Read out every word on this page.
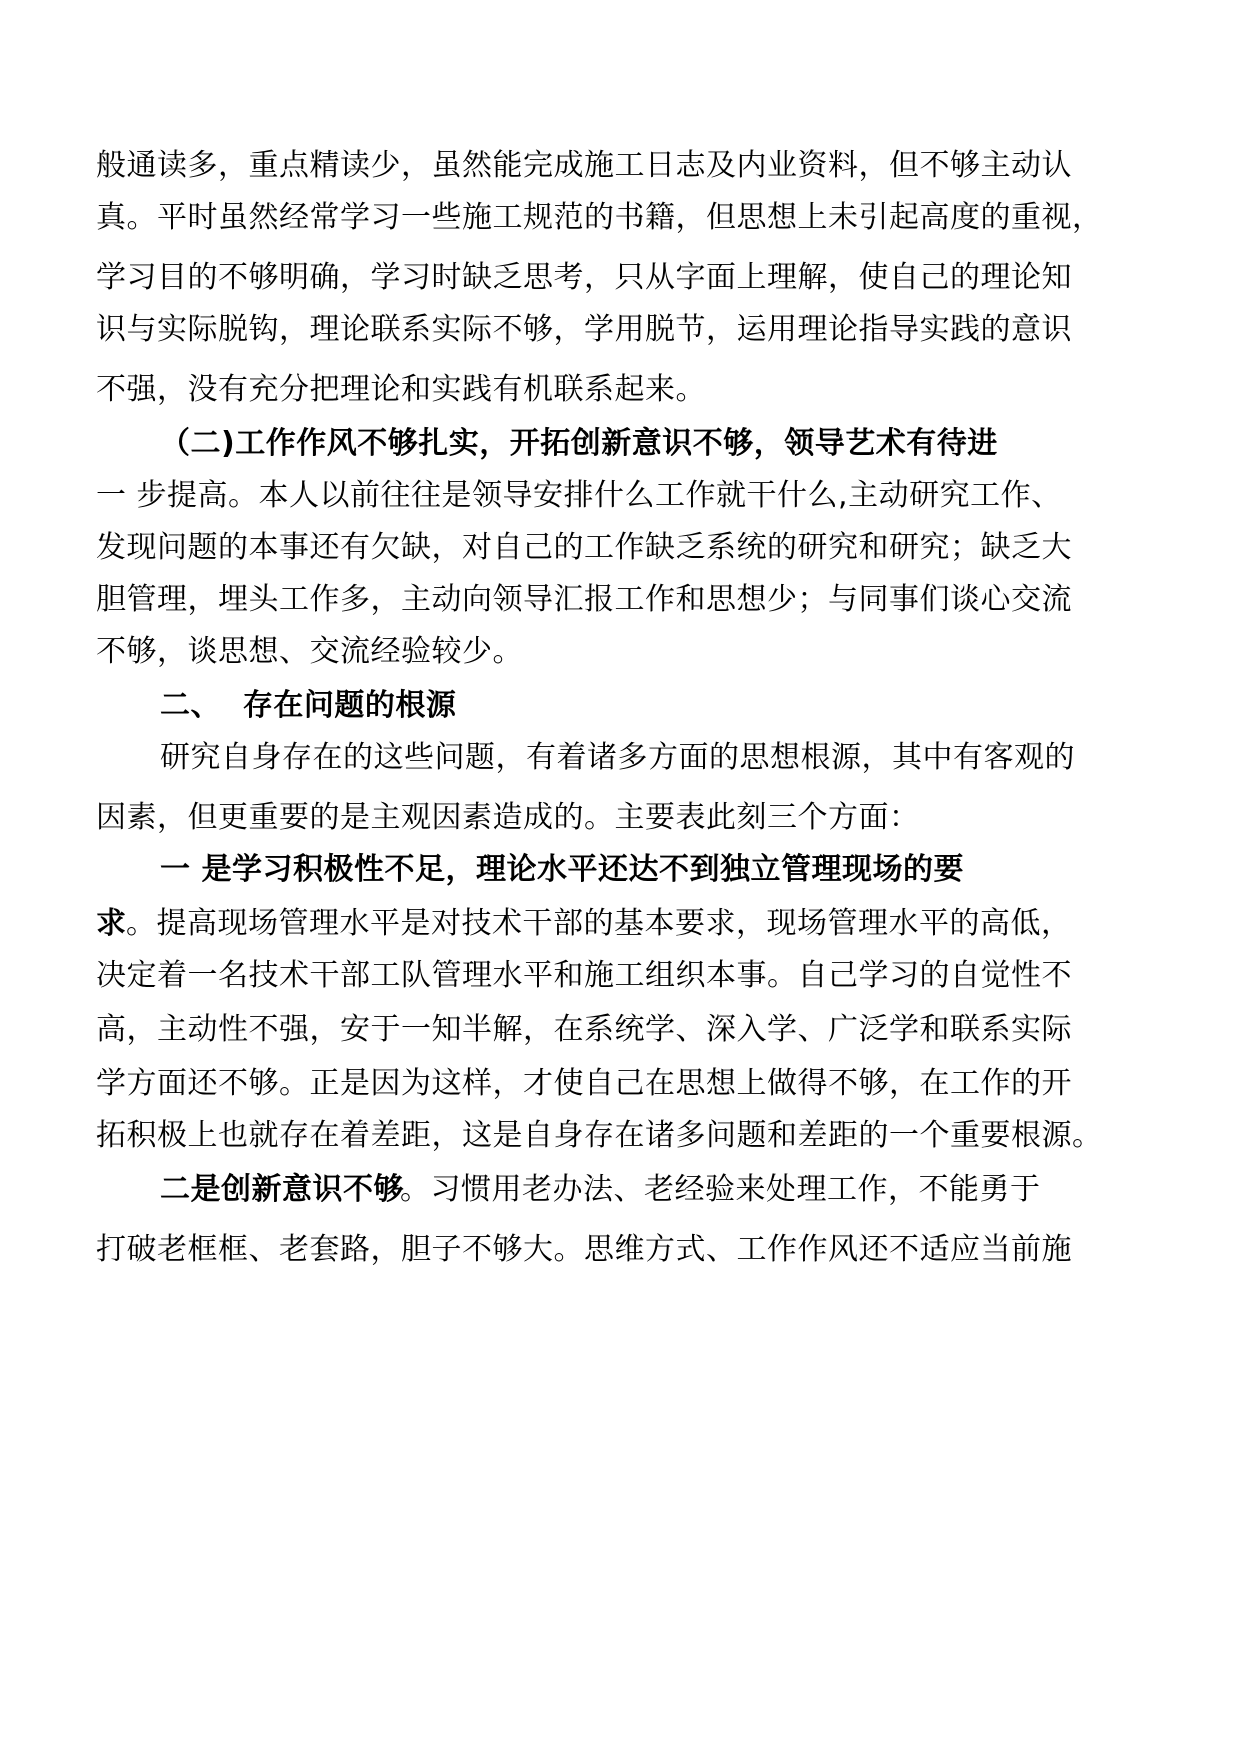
般通读多，重点精读少，虽然能完成施工日志及内业资料，但不够主动认
真。平时虽然经常学习一些施工规范的书籍，但思想上未引起高度的重视，
学习目的不够明确，学习时缺乏思考，只从字面上理解，使自己的理论知
识与实际脱钩，理论联系实际不够，学用脱节，运用理论指导实践的意识
不强，没有充分把理论和实践有机联系起来。
（二)工作作风不够扎实，开拓创新意识不够，领导艺术有待进
一 步提高。本人以前往往是领导安排什么工作就干什么,主动研究工作、
发现问题的本事还有欠缺，对自己的工作缺乏系统的研究和研究；缺乏大
胆管理，埋头工作多，主动向领导汇报工作和思想少；与同事们谈心交流
不够，谈思想、交流经验较少。
二、  存在问题的根源
研究自身存在的这些问题，有着诸多方面的思想根源，其中有客观的
因素，但更重要的是主观因素造成的。主要表此刻三个方面：
一 是学习积极性不足，理论水平还达不到独立管理现场的要
求 。提高现场管理水平是对技术干部的基本要求，现场管理水平的高低，
决定着一名技术干部工队管理水平和施工组织本事。自己学习的自觉性不
高，主动性不强，安于一知半解，在系统学、深入学、广泛学和联系实际
学方面还不够。正是因为这样，才使自己在思想上做得不够，在工作的开
拓积极上也就存在着差距，这是自身存在诸多问题和差距的一个重要根源。
二是创新意识不够
。习惯用老办法、老经验来处理工作，不能勇于
打破老框框、老套路，胆子不够大。思维方式、工作作风还不适应当前施
